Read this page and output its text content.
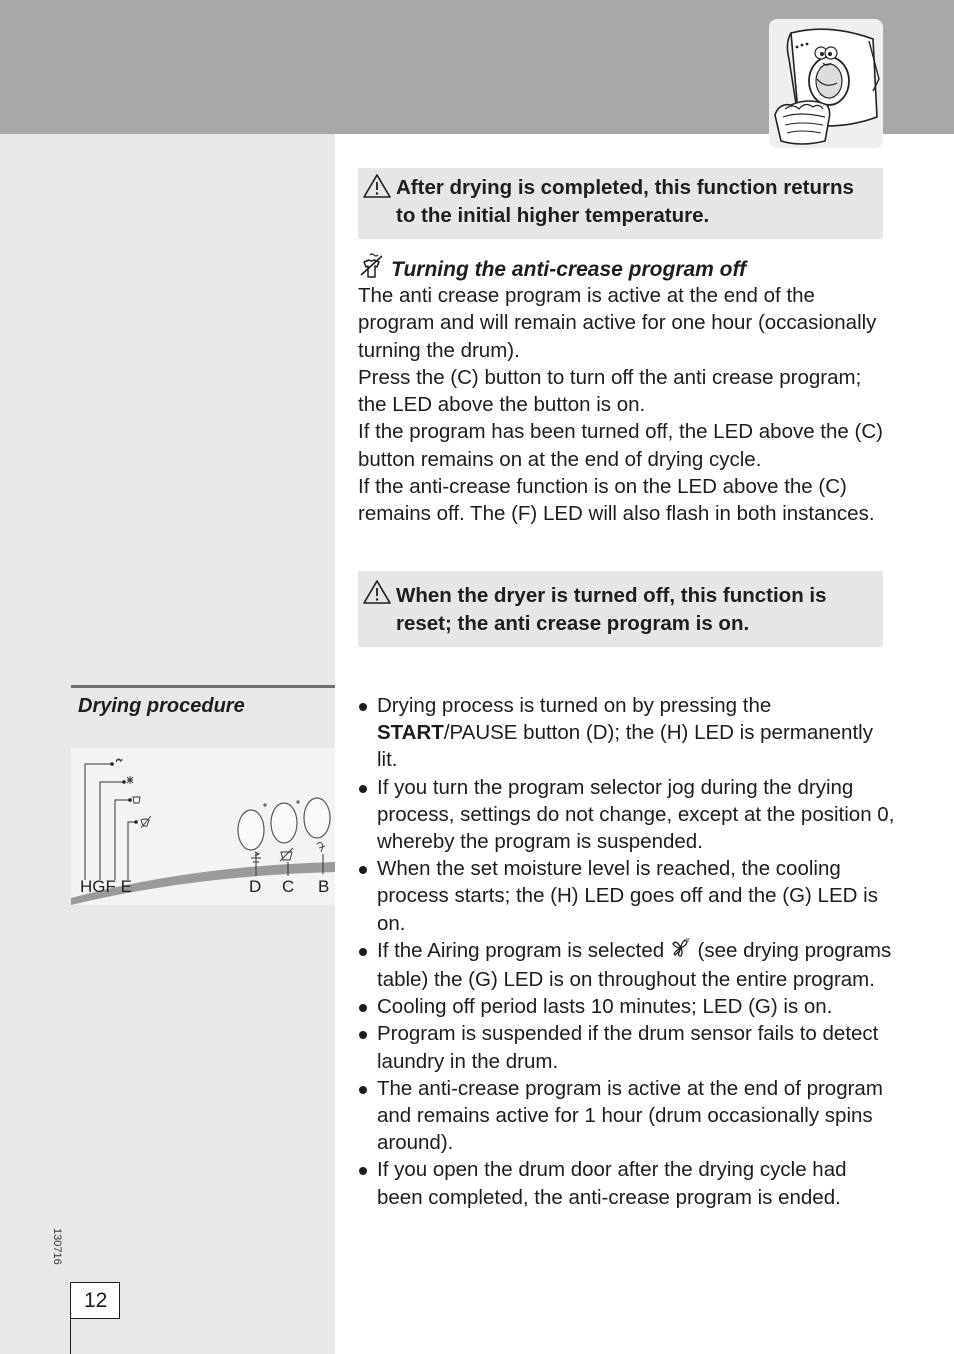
After drying is completed, this function returns to the initial higher temperature.
Turning the anti-crease program off

The anti crease program is active at the end of the program and will remain active for one hour (occasionally turning the drum).

Press the (C) button to turn off the anti crease program; the LED above the button is on.

If the program has been turned off, the LED above the (C) button remains on at the end of drying cycle.

If the anti-crease function is on the LED above the (C) remains off. The (F) LED will also flash in both instances.

When the dryer is turned off, this function is reset; the anti crease program is on.
Drying procedure
HGF E	D C B
Drying process is turned on by pressing the START/PAUSE button (D); the (H) LED is permanently lit.
If you turn the program selector jog during the drying process, settings do not change, except at the position 0, whereby the program is suspended.
When the set moisture level is reached, the cooling process starts; the (H) LED goes off and the (G) LED is on.
If the Airing program is selected  (see drying programs table) the (G) LED is on throughout the entire program.
Cooling off period lasts 10 minutes; LED (G) is on.
Program is suspended if the drum sensor fails to detect laundry in the drum.
The anti-crease program is active at the end of program and remains active for 1 hour (drum occasionally spins around).
If you open the drum door after the drying cycle had been completed, the anti-crease program is ended.
130716
12
